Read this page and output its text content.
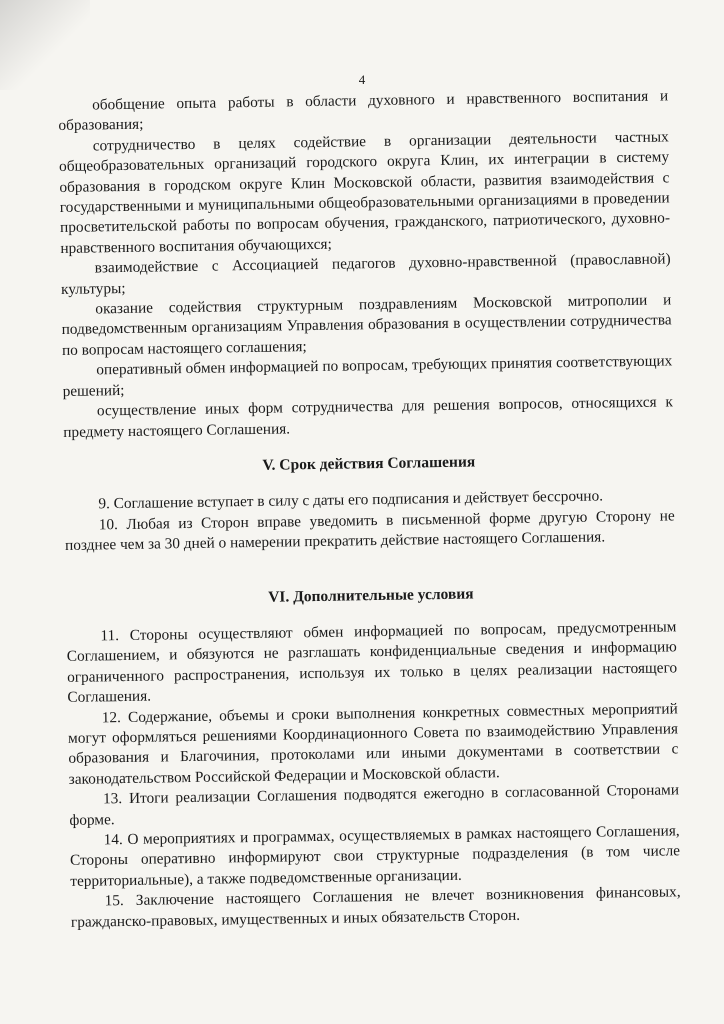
4

обобщение опыта работы в области духовного и нравственного воспитания и образования;

сотрудничество в целях содействие в организации деятельности частных общеобразовательных организаций городского округа Клин, их интеграции в систему образования в городском округе Клин Московской области, развития взаимодействия с государственными и муниципальными общеобразовательными организациями в проведении просветительской работы по вопросам обучения, гражданского, патриотического, духовно-нравственного воспитания обучающихся;

взаимодействие с Ассоциацией педагогов духовно-нравственной (православной) культуры;

оказание содействия структурным поздравлениям Московской митрополии и подведомственным организациям Управления образования в осуществлении сотрудничества по вопросам настоящего соглашения;

оперативный обмен информацией по вопросам, требующих принятия соответствующих решений;

осуществление иных форм сотрудничества для решения вопросов, относящихся к предмету настоящего Соглашения.

V. Срок действия Соглашения

9. Соглашение вступает в силу с даты его подписания и действует бессрочно.

10. Любая из Сторон вправе уведомить в письменной форме другую Сторону не позднее чем за 30 дней о намерении прекратить действие настоящего Соглашения.

VI. Дополнительные условия

11. Стороны осуществляют обмен информацией по вопросам, предусмотренным Соглашением, и обязуются не разглашать конфиденциальные сведения и информацию ограниченного распространения, используя их только в целях реализации настоящего Соглашения.

12. Содержание, объемы и сроки выполнения конкретных совместных мероприятий могут оформляться решениями Координационного Совета по взаимодействию Управления образования и Благочиния, протоколами или иными документами в соответствии с законодательством Российской Федерации и Московской области.

13. Итоги реализации Соглашения подводятся ежегодно в согласованной Сторонами форме.

14. О мероприятиях и программах, осуществляемых в рамках настоящего Соглашения, Стороны оперативно информируют свои структурные подразделения (в том числе территориальные), а также подведомственные организации.

15. Заключение настоящего Соглашения не влечет возникновения финансовых, гражданско-правовых, имущественных и иных обязательств Сторон.
